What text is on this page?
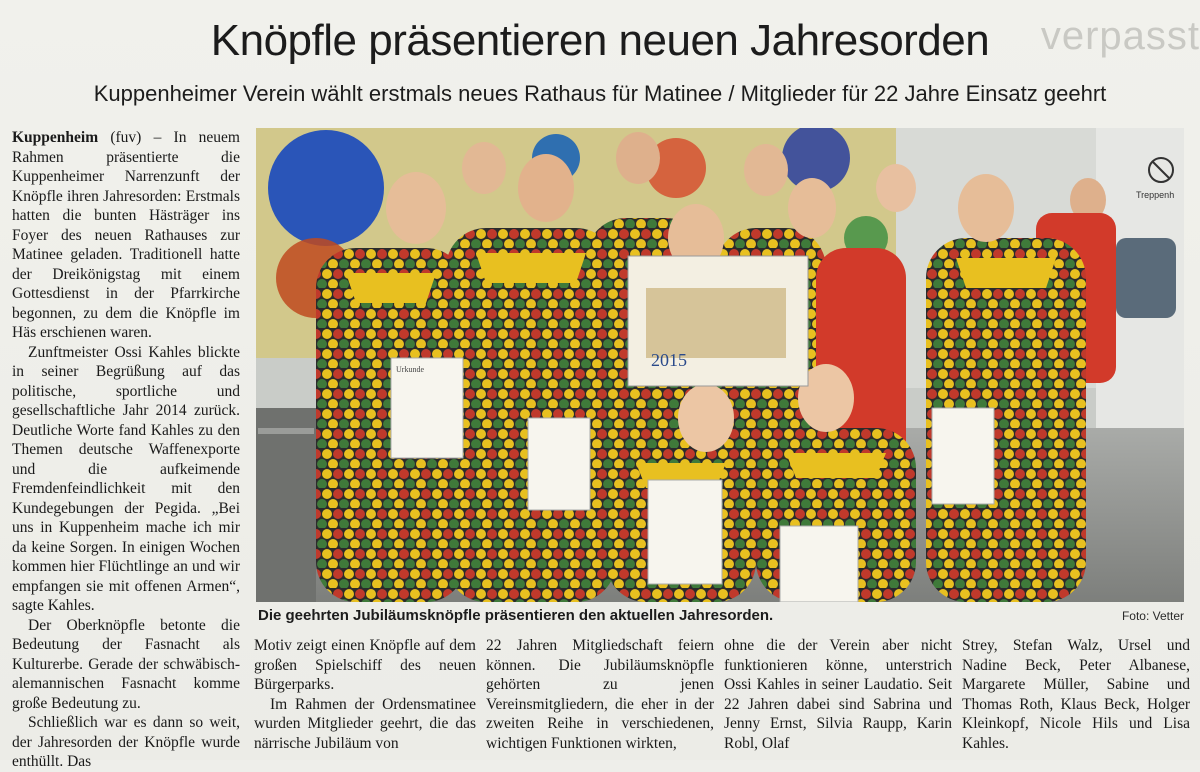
verpasst
Knöpfle präsentieren neuen Jahresorden
Kuppenheimer Verein wählt erstmals neues Rathaus für Matinee / Mitglieder für 22 Jahre Einsatz geehrt

Kuppenheim (fuv) – In neuem Rahmen präsentierte die Kuppenheimer Narrenzunft der Knöpfle ihren Jahresorden: Erstmals hatten die bunten Hästräger ins Foyer des neuen Rathauses zur Matinee geladen. Traditionell hatte der Dreikönigstag mit einem Gottesdienst in der Pfarrkirche begonnen, zu dem die Knöpfle im Häs erschienen waren.

Zunftmeister Ossi Kahles blickte in seiner Begrüßung auf das politische, sportliche und gesellschaftliche Jahr 2014 zurück. Deutliche Worte fand Kahles zu den Themen deutsche Waffenexporte und die aufkeimende Fremdenfeindlichkeit mit den Kundegebungen der Pegida. „Bei uns in Kuppenheim mache ich mir da keine Sorgen. In einigen Wochen kommen hier Flüchtlinge an und wir empfangen sie mit offenen Armen“, sagte Kahles.

Der Oberknöpfle betonte die Bedeutung der Fasnacht als Kulturerbe. Gerade der schwäbisch-alemannischen Fasnacht komme große Bedeutung zu.

Schließlich war es dann so weit, der Jahresorden der Knöpfle wurde enthüllt. Das

Treppenh
2015
Urkunde
Die geehrten Jubiläumsknöpfle präsentieren den aktuellen Jahresorden.	Foto: Vetter

Motiv zeigt einen Knöpfle auf dem großen Spielschiff des neuen Bürgerparks.

Im Rahmen der Ordensmatinee wurden Mitglieder geehrt, die das närrische Jubiläum von

22 Jahren Mitgliedschaft feiern können. Die Jubiläumsknöpfle gehörten zu jenen Vereinsmitgliedern, die eher in der zweiten Reihe in verschiedenen, wichtigen Funktionen wirkten,

ohne die der Verein aber nicht funktionieren könne, unterstrich Ossi Kahles in seiner Laudatio. Seit 22 Jahren dabei sind Sabrina und Jenny Ernst, Silvia Raupp, Karin Robl, Olaf

Strey, Stefan Walz, Ursel und Nadine Beck, Peter Albanese, Margarete Müller, Sabine und Thomas Roth, Klaus Beck, Holger Kleinkopf, Nicole Hils und Lisa Kahles.
